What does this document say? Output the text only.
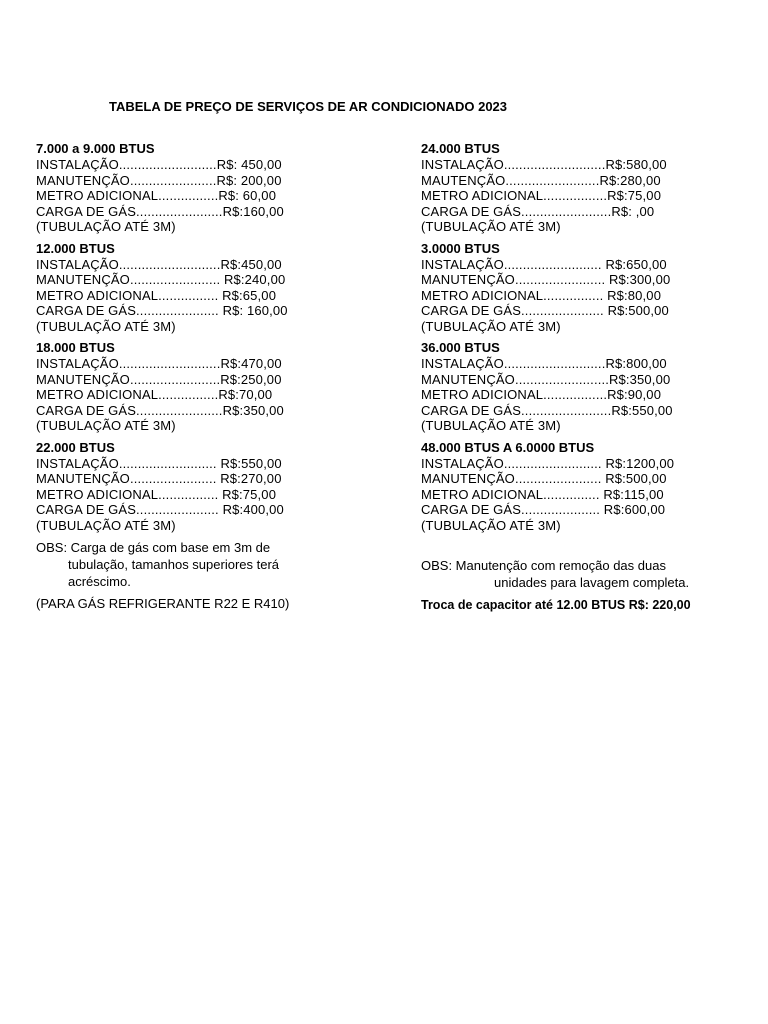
TABELA DE PREÇO DE SERVIÇOS DE AR CONDICIONADO 2023
7.000 a 9.000 BTUS
INSTALAÇÃO..........................R$: 450,00
MANUTENÇÃO.......................R$: 200,00
METRO ADICIONAL................R$: 60,00
CARGA DE GÁS.......................R$:160,00
(TUBULAÇÃO ATÉ 3M)
12.000 BTUS
INSTALAÇÃO...........................R$:450,00
MANUTENÇÃO........................ R$:240,00
METRO ADICIONAL................ R$:65,00
CARGA DE GÁS...................... R$: 160,00
(TUBULAÇÃO ATÉ 3M)
18.000 BTUS
INSTALAÇÃO...........................R$:470,00
MANUTENÇÃO........................R$:250,00
METRO ADICIONAL................R$:70,00
CARGA DE GÁS.......................R$:350,00
(TUBULAÇÃO ATÉ 3M)
22.000 BTUS
INSTALAÇÃO.......................... R$:550,00
MANUTENÇÃO....................... R$:270,00
METRO ADICIONAL................ R$:75,00
CARGA DE GÁS...................... R$:400,00
(TUBULAÇÃO ATÉ 3M)
OBS: Carga de gás com base em 3m de
tubulação, tamanhos superiores terá
acréscimo.
(PARA GÁS REFRIGERANTE R22 E R410)
24.000 BTUS
INSTALAÇÃO...........................R$:580,00
MAUTENÇÃO.........................R$:280,00
METRO ADICIONAL.................R$:75,00
CARGA DE GÁS........................R$: ,00
(TUBULAÇÃO ATÉ 3M)
3.0000 BTUS
INSTALAÇÃO.......................... R$:650,00
MANUTENÇÃO........................ R$:300,00
METRO ADICIONAL................ R$:80,00
CARGA DE GÁS...................... R$:500,00
(TUBULAÇÃO ATÉ 3M)
36.000 BTUS
INSTALAÇÃO...........................R$:800,00
MANUTENÇÃO.........................R$:350,00
METRO ADICIONAL.................R$:90,00
CARGA DE GÁS........................R$:550,00
(TUBULAÇÃO ATÉ 3M)
48.000 BTUS A 6.0000 BTUS
INSTALAÇÃO.......................... R$:1200,00
MANUTENÇÃO....................... R$:500,00
METRO ADICIONAL............... R$:115,00
CARGA DE GÁS..................... R$:600,00
(TUBULAÇÃO ATÉ 3M)
OBS: Manutenção com remoção das duas
unidades para lavagem completa.
Troca de capacitor até 12.00 BTUS R$: 220,00
